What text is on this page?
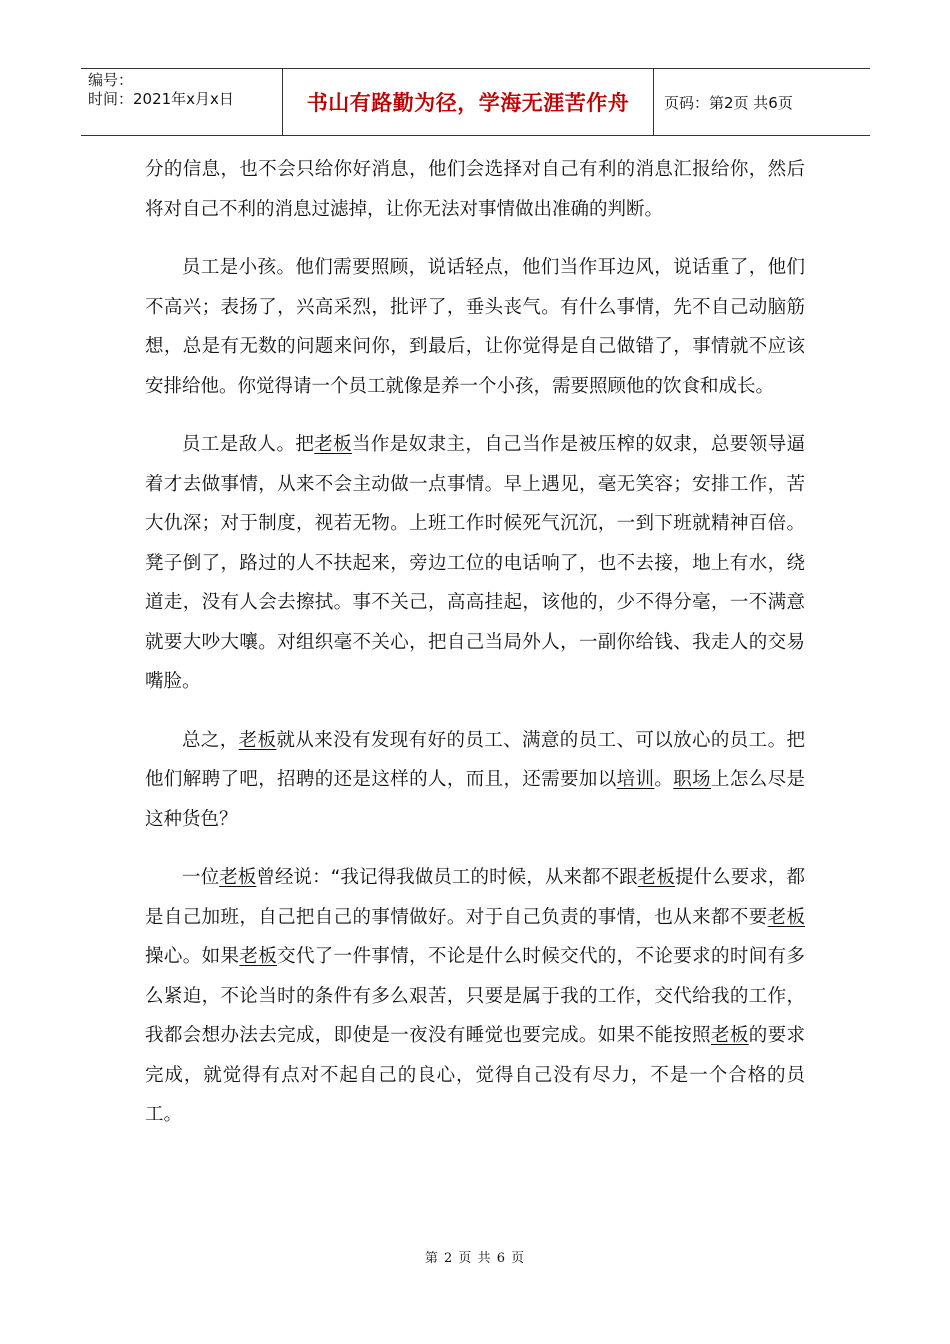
编号：
时间：2021年x月x日	书山有路勤为径，学海无涯苦作舟	页码：第2页 共6页

分的信息，也不会只给你好消息，他们会选择对自己有利的消息汇报给你，然后将对自己不利的消息过滤掉，让你无法对事情做出准确的判断。

员工是小孩。他们需要照顾，说话轻点，他们当作耳边风，说话重了，他们不高兴；表扬了，兴高采烈，批评了，垂头丧气。有什么事情，先不自己动脑筋想，总是有无数的问题来问你，到最后，让你觉得是自己做错了，事情就不应该安排给他。你觉得请一个员工就像是养一个小孩，需要照顾他的饮食和成长。

员工是敌人。把老板当作是奴隶主，自己当作是被压榨的奴隶，总要领导逼着才去做事情，从来不会主动做一点事情。早上遇见，毫无笑容；安排工作，苦大仇深；对于制度，视若无物。上班工作时候死气沉沉，一到下班就精神百倍。凳子倒了，路过的人不扶起来，旁边工位的电话响了，也不去接，地上有水，绕道走，没有人会去擦拭。事不关己，高高挂起，该他的，少不得分毫，一不满意就要大吵大嚷。对组织毫不关心，把自己当局外人，一副你给钱、我走人的交易嘴脸。

总之，老板就从来没有发现有好的员工、满意的员工、可以放心的员工。把他们解聘了吧，招聘的还是这样的人，而且，还需要加以培训。职场上怎么尽是这种货色？

一位老板曾经说：“我记得我做员工的时候，从来都不跟老板提什么要求，都是自己加班，自己把自己的事情做好。对于自己负责的事情，也从来都不要老板操心。如果老板交代了一件事情，不论是什么时候交代的，不论要求的时间有多么紧迫，不论当时的条件有多么艰苦，只要是属于我的工作，交代给我的工作，我都会想办法去完成，即使是一夜没有睡觉也要完成。如果不能按照老板的要求完成，就觉得有点对不起自己的良心，觉得自己没有尽力，不是一个合格的员工。

第 2 页 共 6 页
